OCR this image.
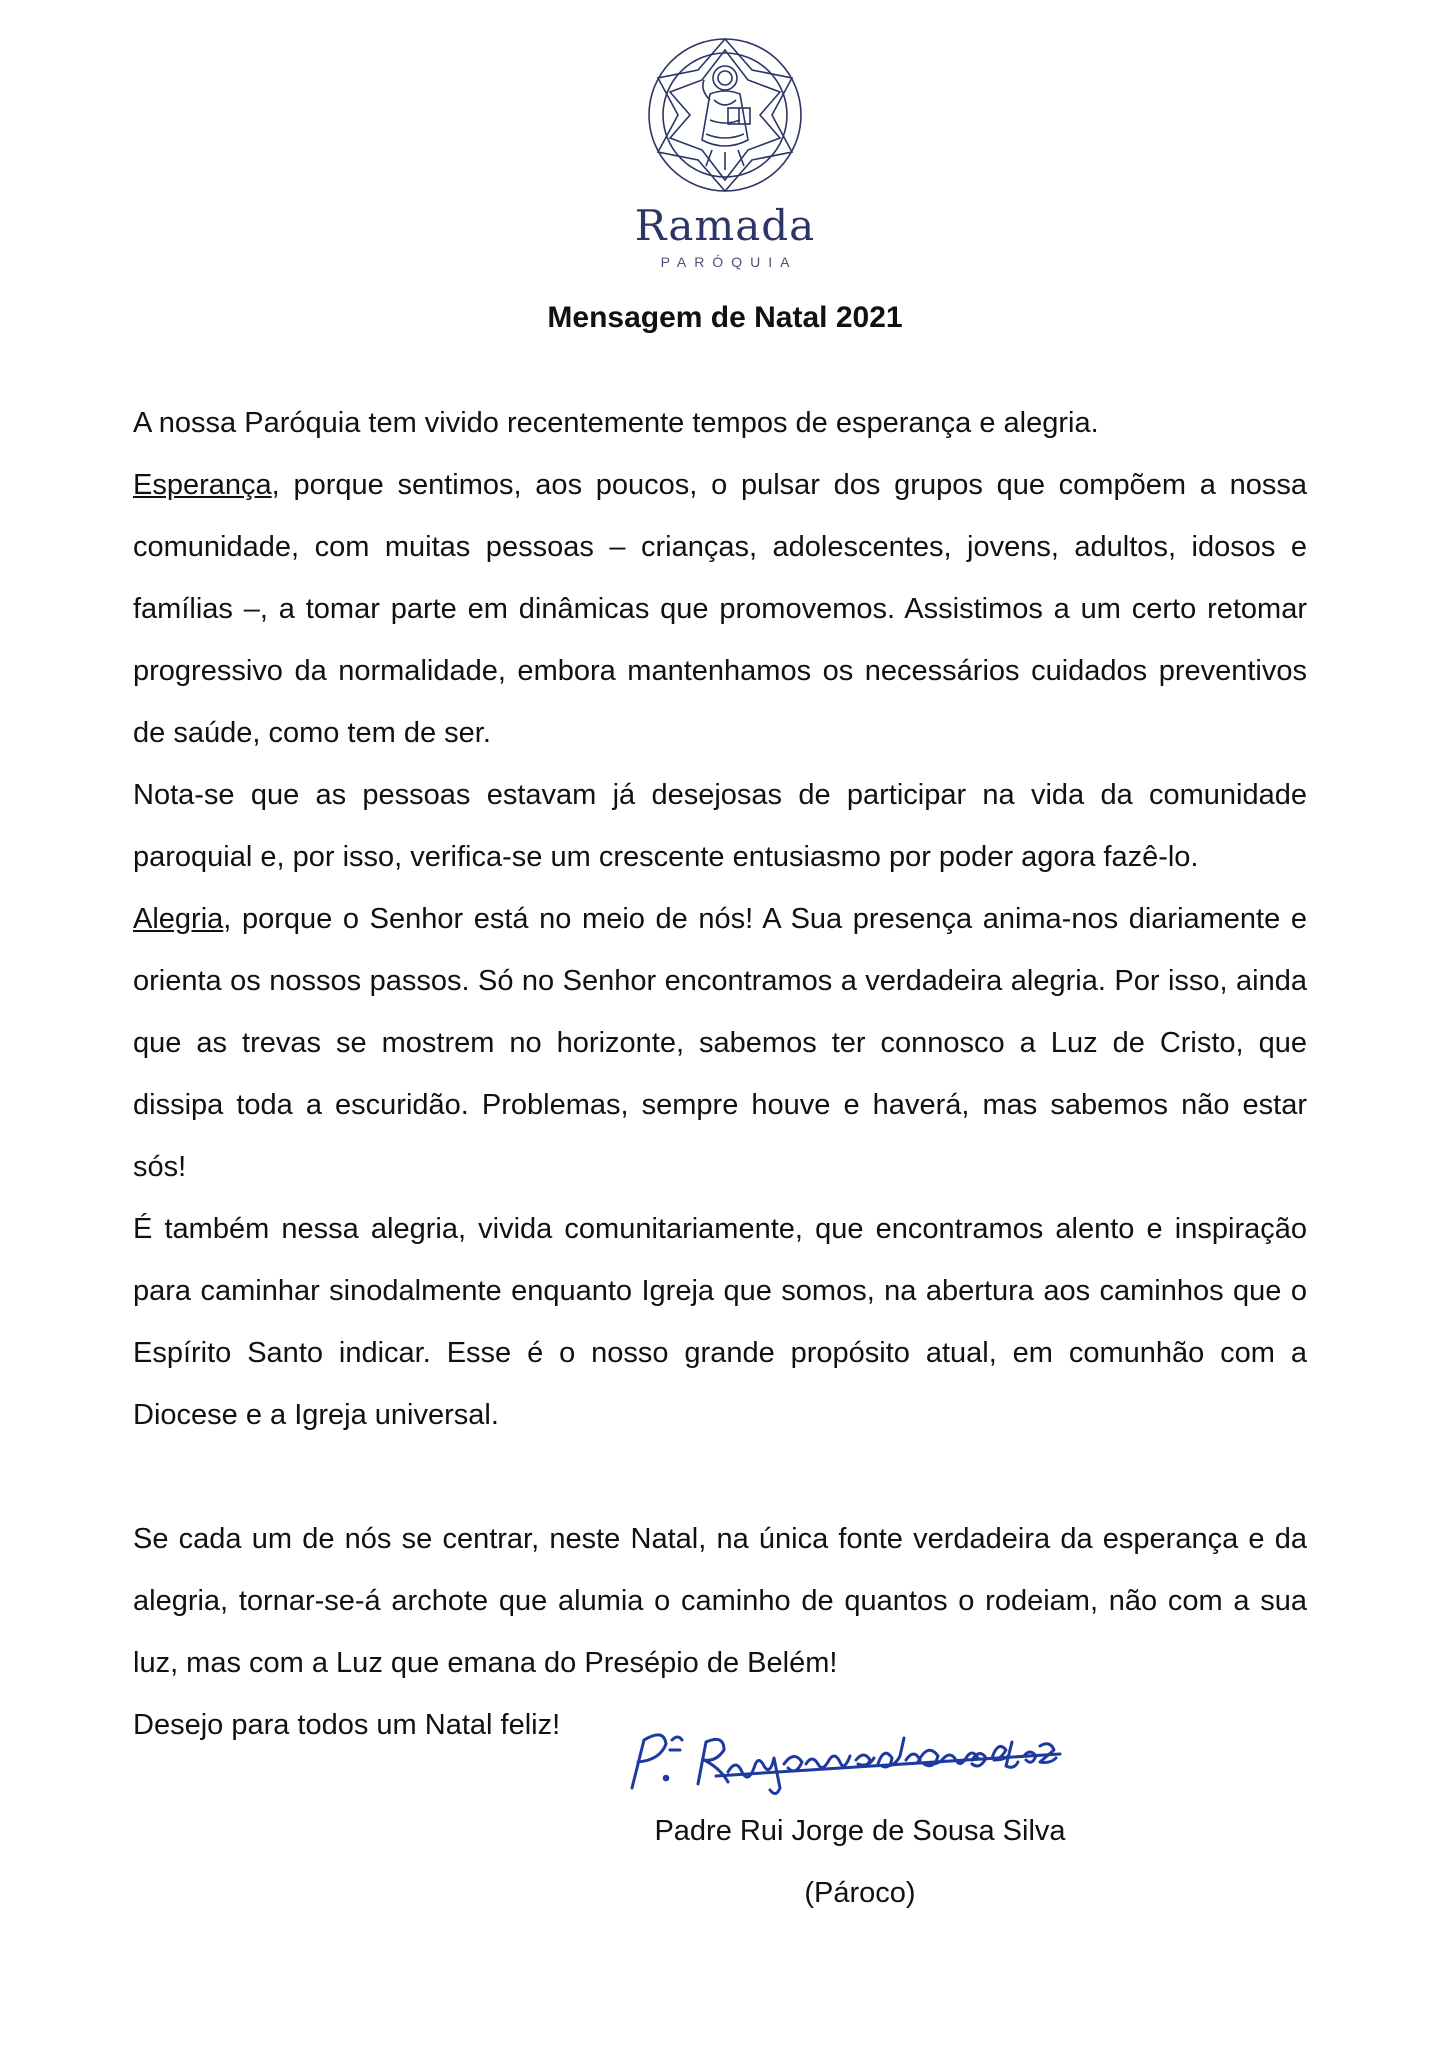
Ramada
PARÓQUIA
Mensagem de Natal 2021

A nossa Paróquia tem vivido recentemente tempos de esperança e alegria.

Esperança, porque sentimos, aos poucos, o pulsar dos grupos que compõem a nossa comunidade, com muitas pessoas – crianças, adolescentes, jovens, adultos, idosos e famílias –, a tomar parte em dinâmicas que promovemos. Assistimos a um certo retomar progressivo da normalidade, embora mantenhamos os necessários cuidados preventivos de saúde, como tem de ser.

Nota-se que as pessoas estavam já desejosas de participar na vida da comunidade paroquial e, por isso, verifica-se um crescente entusiasmo por poder agora fazê-lo.

Alegria, porque o Senhor está no meio de nós! A Sua presença anima-nos diariamente e orienta os nossos passos. Só no Senhor encontramos a verdadeira alegria. Por isso, ainda que as trevas se mostrem no horizonte, sabemos ter connosco a Luz de Cristo, que dissipa toda a escuridão. Problemas, sempre houve e haverá, mas sabemos não estar sós!

É também nessa alegria, vivida comunitariamente, que encontramos alento e inspiração para caminhar sinodalmente enquanto Igreja que somos, na abertura aos caminhos que o Espírito Santo indicar. Esse é o nosso grande propósito atual, em comunhão com a Diocese e a Igreja universal.

Se cada um de nós se centrar, neste Natal, na única fonte verdadeira da esperança e da alegria, tornar-se-á archote que alumia o caminho de quantos o rodeiam, não com a sua luz, mas com a Luz que emana do Presépio de Belém!

Desejo para todos um Natal feliz!

Padre Rui Jorge de Sousa Silva
(Pároco)
